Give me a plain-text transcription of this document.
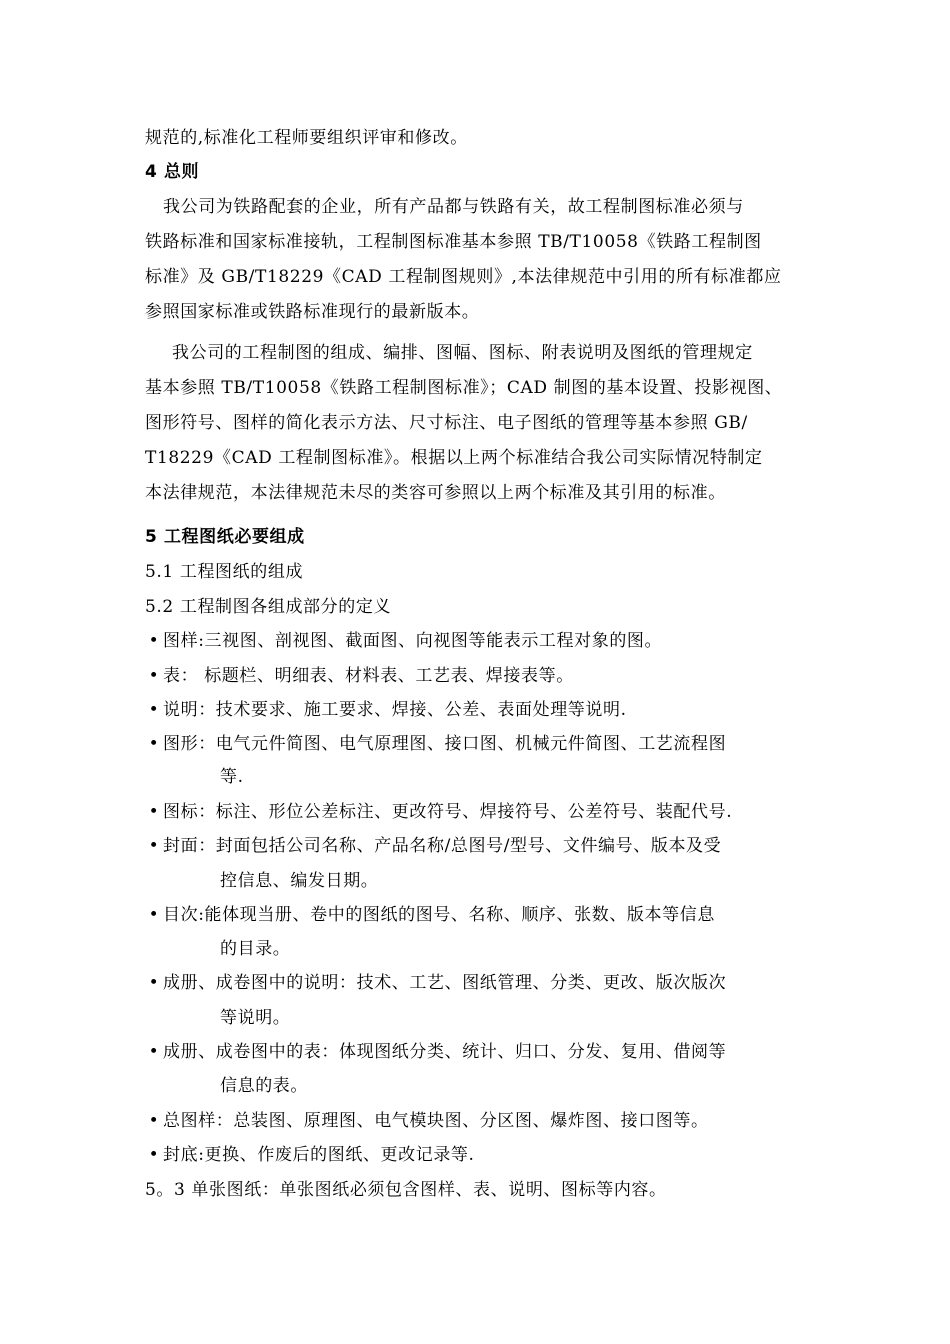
规范的,标准化工程师要组织评审和修改。
4 总则
我公司为铁路配套的企业，所有产品都与铁路有关，故工程制图标准必须与
铁路标准和国家标准接轨，工程制图标准基本参照 TB/T10058《铁路工程制图
标准》及 GB/T18229《CAD 工程制图规则》,本法律规范中引用的所有标准都应
参照国家标准或铁路标准现行的最新版本。
我公司的工程制图的组成、编排、图幅、图标、附表说明及图纸的管理规定
基本参照 TB/T10058《铁路工程制图标准》；CAD 制图的基本设置、投影视图、
图形符号、图样的简化表示方法、尺寸标注、电子图纸的管理等基本参照 GB/
T18229《CAD 工程制图标准》。根据以上两个标准结合我公司实际情况特制定
本法律规范，本法律规范未尽的类容可参照以上两个标准及其引用的标准。
5 工程图纸必要组成
5.1 工程图纸的组成
5.2 工程制图各组成部分的定义
• 图样:三视图、剖视图、截面图、向视图等能表示工程对象的图。
• 表： 标题栏、明细表、材料表、工艺表、焊接表等。
• 说明：技术要求、施工要求、焊接、公差、表面处理等说明.
• 图形：电气元件简图、电气原理图、接口图、机械元件简图、工艺流程图
等.
• 图标：标注、形位公差标注、更改符号、焊接符号、公差符号、装配代号.
• 封面：封面包括公司名称、产品名称/总图号/型号、文件编号、版本及受
控信息、编发日期。
• 目次:能体现当册、卷中的图纸的图号、名称、顺序、张数、版本等信息
的目录。
• 成册、成卷图中的说明：技术、工艺、图纸管理、分类、更改、版次版次
等说明。
• 成册、成卷图中的表：体现图纸分类、统计、归口、分发、复用、借阅等
信息的表。
• 总图样：总装图、原理图、电气模块图、分区图、爆炸图、接口图等。
• 封底:更换、作废后的图纸、更改记录等.
5。3 单张图纸：单张图纸必须包含图样、表、说明、图标等内容。
